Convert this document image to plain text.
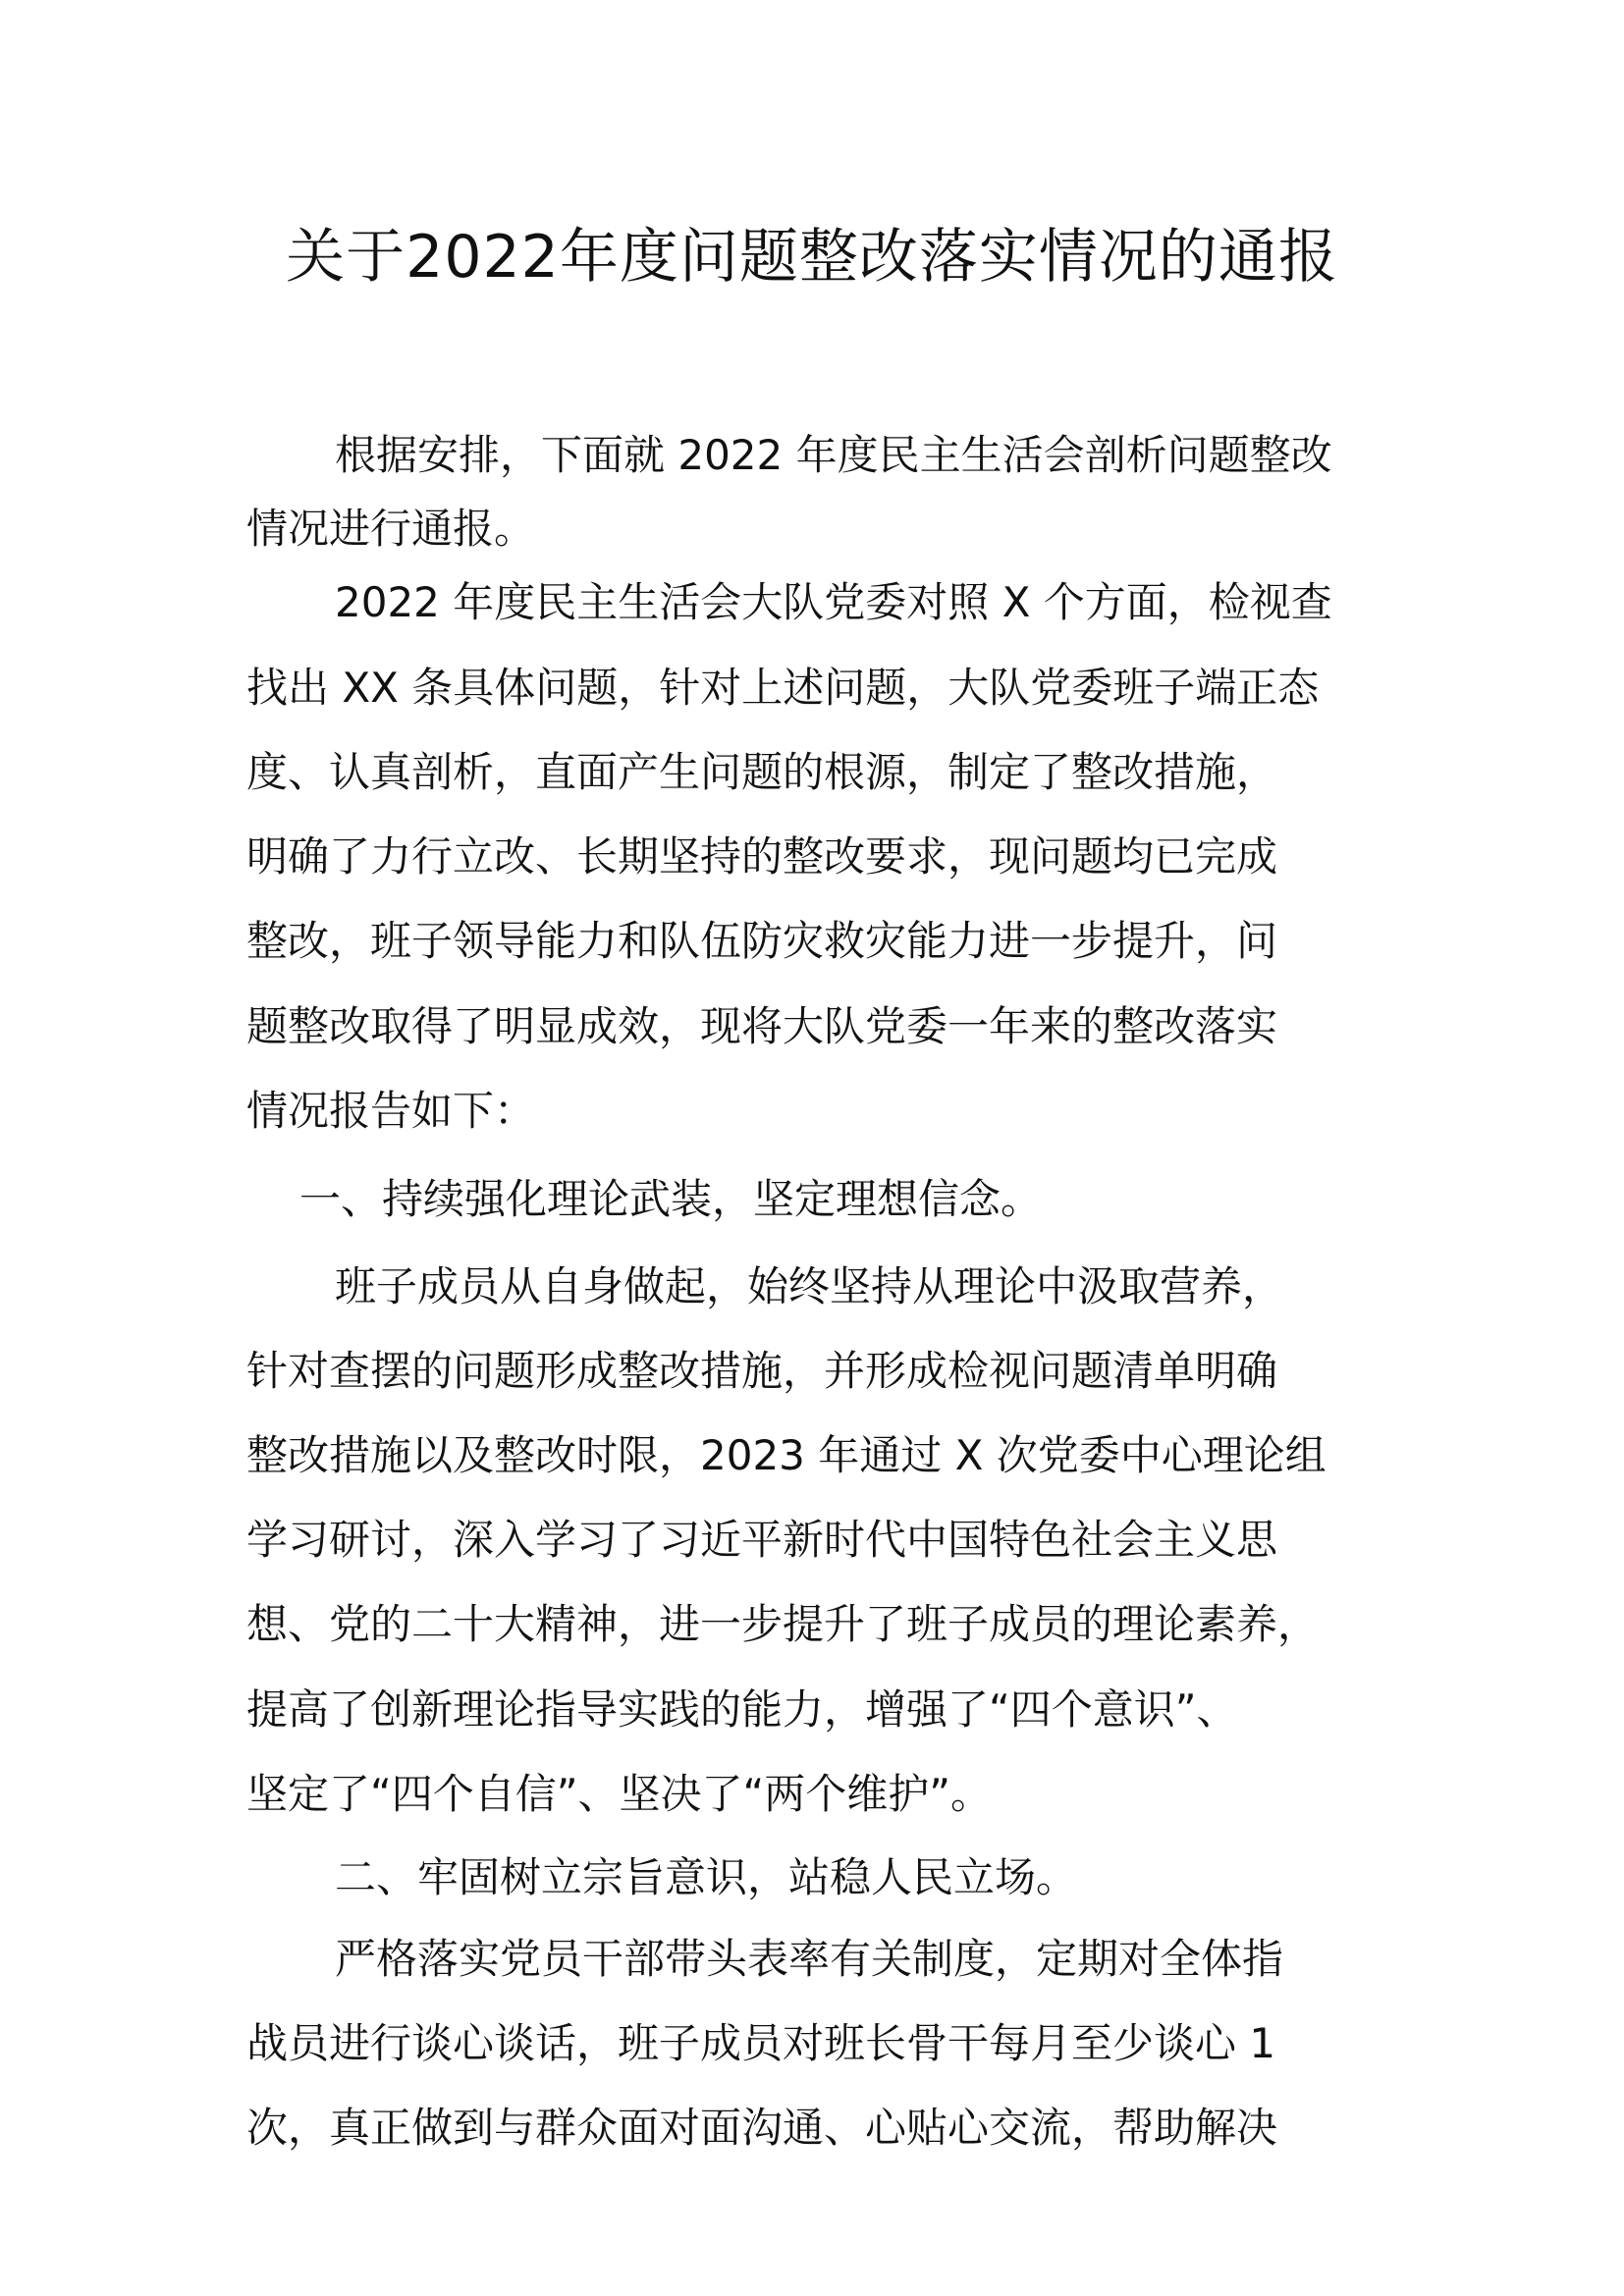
关于2022年度问题整改落实情况的通报
根据安排，下面就 2022 年度民主生活会剖析问题整改
情况进行通报。
2022 年度民主生活会大队党委对照 X 个方面，检视查
找出 XX 条具体问题，针对上述问题，大队党委班子端正态
度、认真剖析，直面产生问题的根源，制定了整改措施，
明确了力行立改、长期坚持的整改要求，现问题均已完成
整改，班子领导能力和队伍防灾救灾能力进一步提升，问
题整改取得了明显成效，现将大队党委一年来的整改落实
情况报告如下：
一、持续强化理论武装，坚定理想信念。
班子成员从自身做起，始终坚持从理论中汲取营养，
针对查摆的问题形成整改措施，并形成检视问题清单明确
整改措施以及整改时限，2023 年通过 X 次党委中心理论组
学习研讨，深入学习了习近平新时代中国特色社会主义思
想、党的二十大精神，进一步提升了班子成员的理论素养，
提高了创新理论指导实践的能力，增强了“四个意识”、
坚定了“四个自信”、坚决了“两个维护”。
二、牢固树立宗旨意识，站稳人民立场。
严格落实党员干部带头表率有关制度，定期对全体指
战员进行谈心谈话，班子成员对班长骨干每月至少谈心 1
次，真正做到与群众面对面沟通、心贴心交流，帮助解决
